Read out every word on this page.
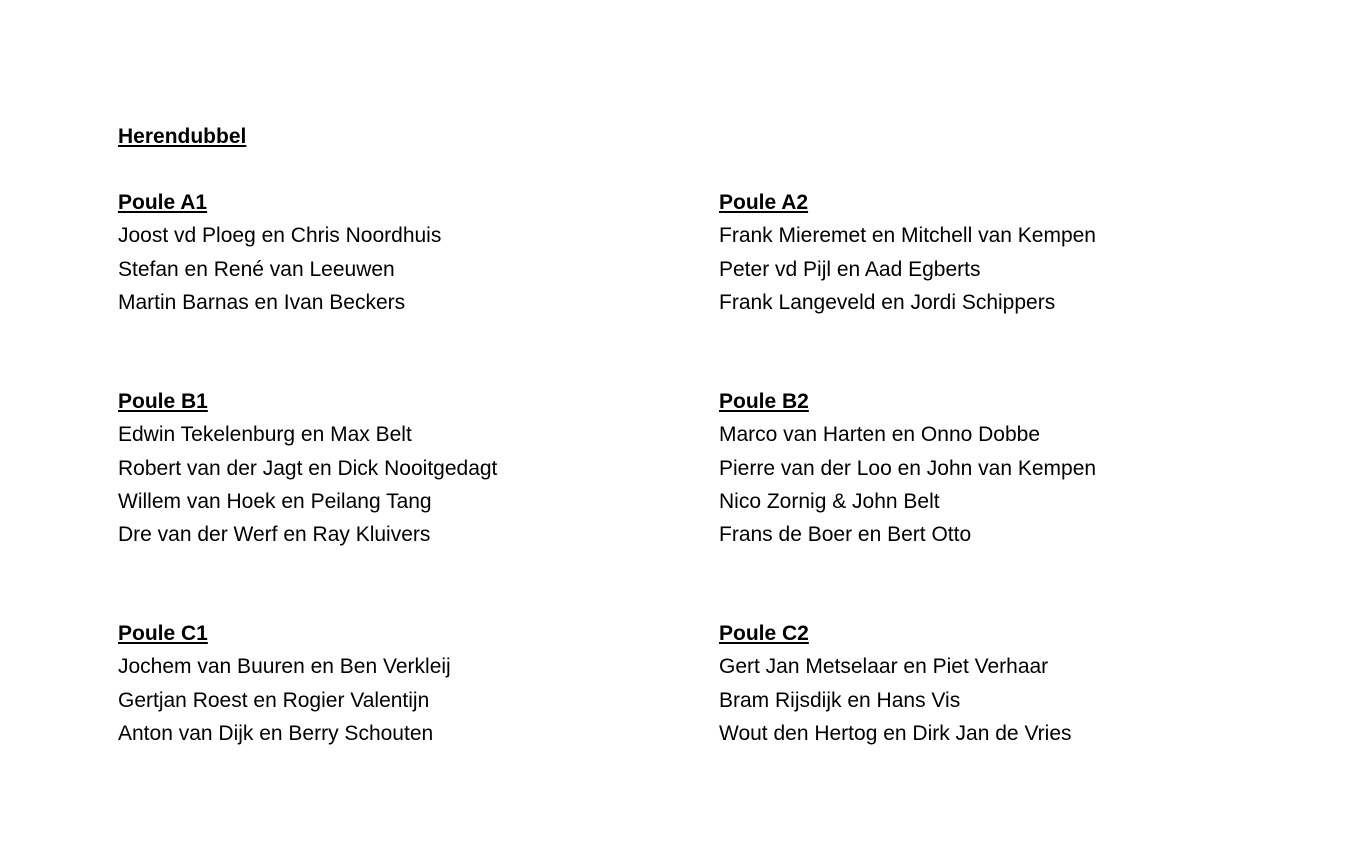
Herendubbel
Poule A1
Joost vd Ploeg en Chris Noordhuis
Stefan en René van Leeuwen
Martin Barnas en Ivan Beckers
Poule A2
Frank Mieremet en Mitchell van Kempen
Peter vd Pijl en Aad Egberts
Frank Langeveld en Jordi Schippers
Poule B1
Edwin Tekelenburg en Max Belt
Robert van der Jagt en Dick Nooitgedagt
Willem van Hoek en Peilang Tang
Dre van der Werf en Ray Kluivers
Poule B2
Marco van Harten en Onno Dobbe
Pierre van der Loo en John van Kempen
Nico Zornig & John Belt
Frans de Boer en Bert Otto
Poule C1
Jochem van Buuren en Ben Verkleij
Gertjan Roest en Rogier Valentijn
Anton van Dijk en Berry Schouten
Poule C2
Gert Jan Metselaar en Piet Verhaar
Bram Rijsdijk en Hans Vis
Wout den Hertog en Dirk Jan de Vries
